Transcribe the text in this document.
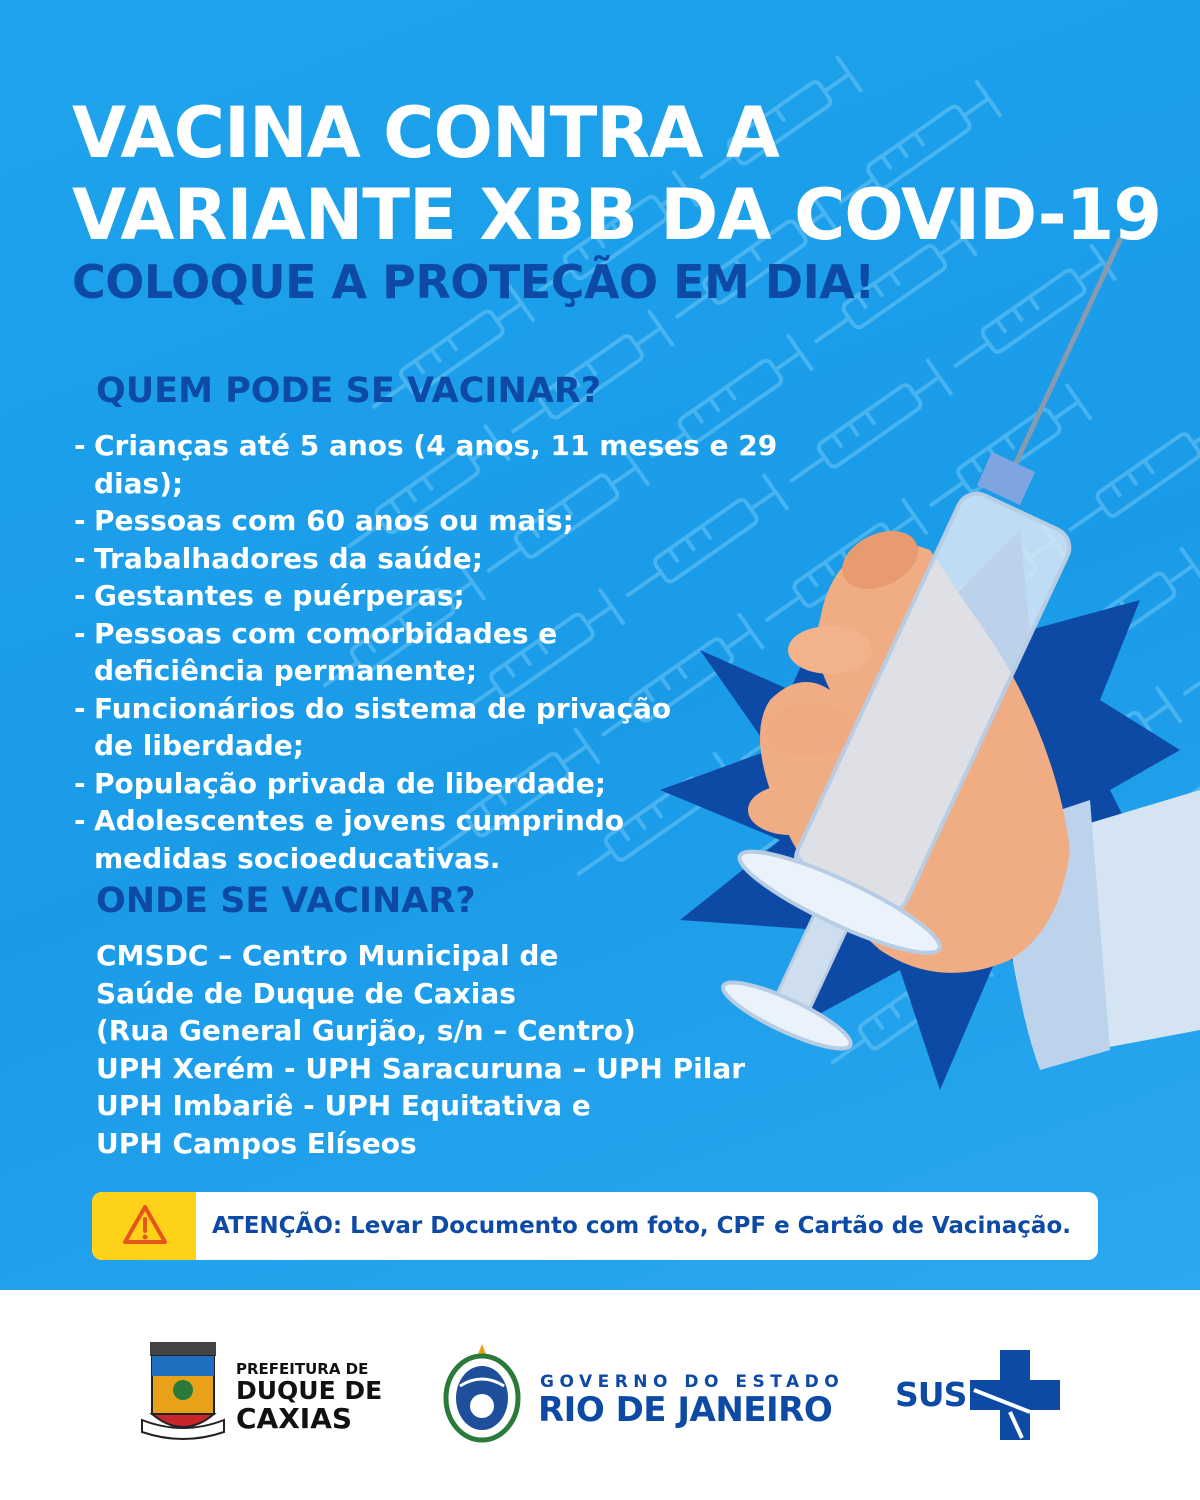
VACINA CONTRA A
VARIANTE XBB DA COVID-19
COLOQUE A PROTEÇÃO EM DIA!
QUEM PODE SE VACINAR?
- Crianças até 5 anos (4 anos, 11 meses e 29 dias);
- Pessoas com 60 anos ou mais;
- Trabalhadores da saúde;
- Gestantes e puérperas;
- Pessoas com comorbidades e deficiência permanente;
- Funcionários do sistema de privação de liberdade;
- População privada de liberdade;
- Adolescentes e jovens cumprindo medidas socioeducativas.
ONDE SE VACINAR?
CMSDC – Centro Municipal de
Saúde de Duque de Caxias
(Rua General Gurjão, s/n – Centro)
UPH Xerém - UPH Saracuruna – UPH Pilar
UPH Imbariê - UPH Equitativa e
UPH Campos Elíseos
ATENÇÃO: Levar Documento com foto, CPF e Cartão de Vacinação.
PREFEITURA DE
DUQUE DE
CAXIAS
GOVERNO DO ESTADO
RIO DE JANEIRO SUS
